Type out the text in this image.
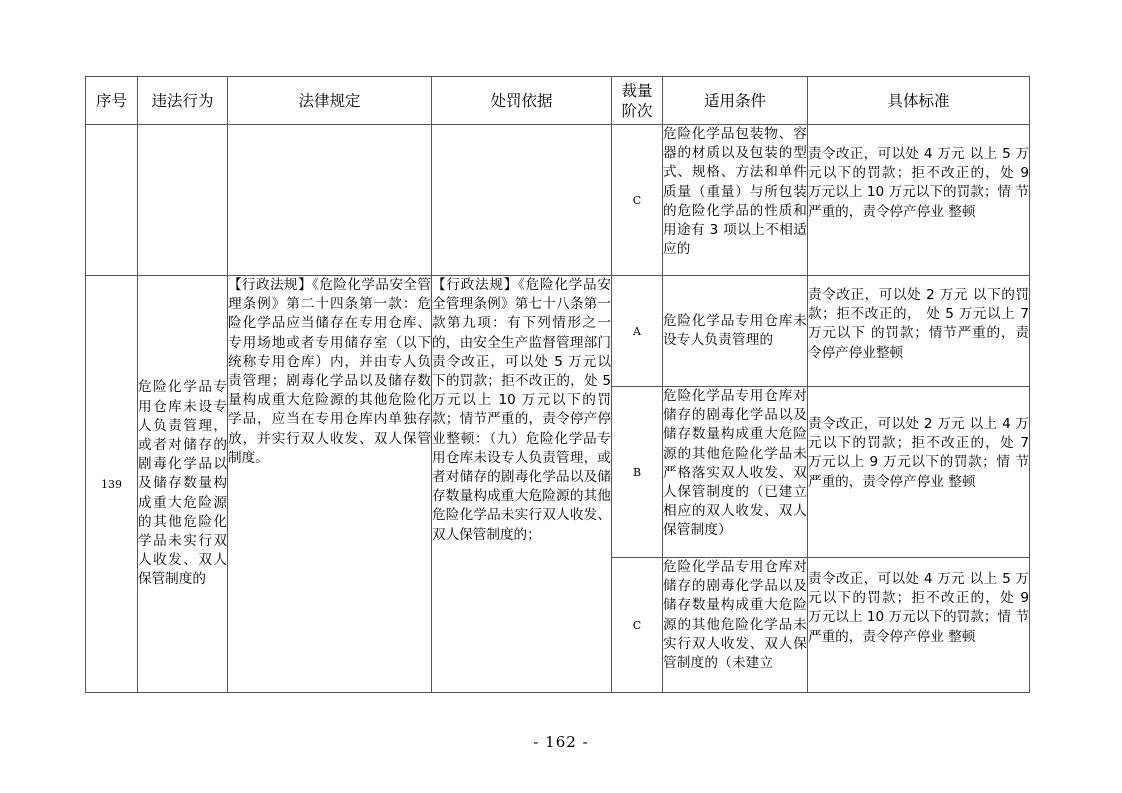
序号	违法行为	法律规定	处罚依据	裁量阶次	适用条件	具体标准
				C	危险化学品包装物、容器的材质以及包装的型式、规格、方法和单件质量（重量）与所包装的危险化学品的性质和用途有 3 项以上不相适应的	责令改正，可以处 4 万元 以上 5 万元以下的罚款；拒不改正的，处 9 万元以上 10 万元以下的罚款；情 节严重的，责令停产停业 整顿
139	危险化学品专用仓库未设专人负责管理，或者对储存的剧毒化学品以及储存数量构成重大危险源的其他危险化学品未实行双人收发、双人保管制度的	【行政法规】《危险化学品安全管理条例》第二十四条第一款：危险化学品应当储存在专用仓库、专用场地或者专用储存室（以下统称专用仓库）内，并由专人负责管理；剧毒化学品以及储存数量构成重大危险源的其他危险化学品，应当在专用仓库内单独存放，并实行双人收发、双人保管制度。	【行政法规】《危险化学品安全管理条例》第七十八条第一款第九项：有下列情形之一的，由安全生产监督管理部门责令改正，可以处 5 万元以下的罚款；拒不改正的，处 5 万元以上 10 万元以下的罚款；情节严重的，责令停产停业整顿：（九）危险化学品专用仓库未设专人负责管理，或者对储存的剧毒化学品以及储存数量构成重大危险源的其他危险化学品未实行双人收发、双人保管制度的；	A	危险化学品专用仓库未设专人负责管理的	责令改正，可以处 2 万元 以下的罚款；拒不改正的， 处 5 万元以上 7 万元以下 的罚款；情节严重的，责 令停产停业整顿
				B	危险化学品专用仓库对储存的剧毒化学品以及储存数量构成重大危险源的其他危险化学品未严格落实双人收发、双人保管制度的（已建立相应的双人收发、双人保管制度）	责令改正，可以处 2 万元 以上 4 万元以下的罚款；拒不改正的，处 7 万元以上 9 万元以下的罚款；情 节严重的，责令停产停业 整顿
				C	危险化学品专用仓库对储存的剧毒化学品以及储存数量构成重大危险源的其他危险化学品未实行双人收发、双人保管制度的（未建立	责令改正，可以处 4 万元 以上 5 万元以下的罚款；拒不改正的，处 9 万元以上 10 万元以下的罚款；情 节严重的，责令停产停业 整顿
- 162 -
